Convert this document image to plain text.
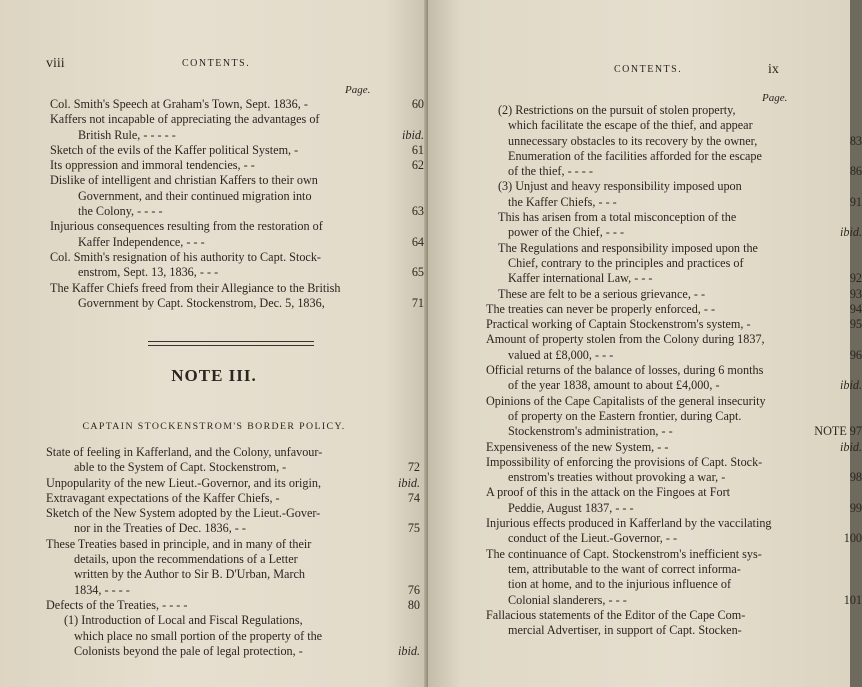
viii	CONTENTS.
Page.
Col. Smith's Speech at Graham's Town, Sept. 1836, -	60
Kaffers not incapable of appreciating the advantages of
British Rule, - - - - -	ibid.
Sketch of the evils of the Kaffer political System, -	61
Its oppression and immoral tendencies, - -	62
Dislike of intelligent and christian Kaffers to their own
Government, and their continued migration into
the Colony, - - - -	63
Injurious consequences resulting from the restoration of
Kaffer Independence, - - -	64
Col. Smith's resignation of his authority to Capt. Stock-
enstrom, Sept. 13, 1836, - - -	65
The Kaffer Chiefs freed from their Allegiance to the British
Government by Capt. Stockenstrom, Dec. 5, 1836,	71
NOTE III.
CAPTAIN STOCKENSTROM'S BORDER POLICY.
State of feeling in Kafferland, and the Colony, unfavour-
able to the System of Capt. Stockenstrom, -	72
Unpopularity of the new Lieut.-Governor, and its origin,	ibid.
Extravagant expectations of the Kaffer Chiefs, -	74
Sketch of the New System adopted by the Lieut.-Gover-
nor in the Treaties of Dec. 1836, - -	75
These Treaties based in principle, and in many of their
details, upon the recommendations of a Letter
written by the Author to Sir B. D'Urban, March
1834, - - - -	76
Defects of the Treaties, - - - -	80
(1) Introduction of Local and Fiscal Regulations,
which place no small portion of the property of the
Colonists beyond the pale of legal protection, -	ibid.
CONTENTS.	ix
Page.
(2) Restrictions on the pursuit of stolen property,
which facilitate the escape of the thief, and appear
unnecessary obstacles to its recovery by the owner,	83
Enumeration of the facilities afforded for the escape
of the thief, - - - -	86
(3) Unjust and heavy responsibility imposed upon
the Kaffer Chiefs, - - -	91
This has arisen from a total misconception of the
power of the Chief, - - -	ibid.
The Regulations and responsibility imposed upon the
Chief, contrary to the principles and practices of
Kaffer international Law, - - -	92
These are felt to be a serious grievance, - -	93
The treaties can never be properly enforced, - -	94
Practical working of Captain Stockenstrom's system, -	95
Amount of property stolen from the Colony during 1837,
valued at £8,000, - - -	96
Official returns of the balance of losses, during 6 months
of the year 1838, amount to about £4,000, -	ibid.
Opinions of the Cape Capitalists of the general insecurity
of property on the Eastern frontier, during Capt.
Stockenstrom's administration, - -	NOTE 97
Expensiveness of the new System, - -	ibid.
Impossibility of enforcing the provisions of Capt. Stock-
enstrom's treaties without provoking a war, -	98
A proof of this in the attack on the Fingoes at Fort
Peddie, August 1837, - - -	99
Injurious effects produced in Kafferland by the vaccilating
conduct of the Lieut.-Governor, - -	100
The continuance of Capt. Stockenstrom's inefficient sys-
tem, attributable to the want of correct informa-
tion at home, and to the injurious influence of
Colonial slanderers, - - -	101
Fallacious statements of the Editor of the Cape Com-
mercial Advertiser, in support of Capt. Stocken-
